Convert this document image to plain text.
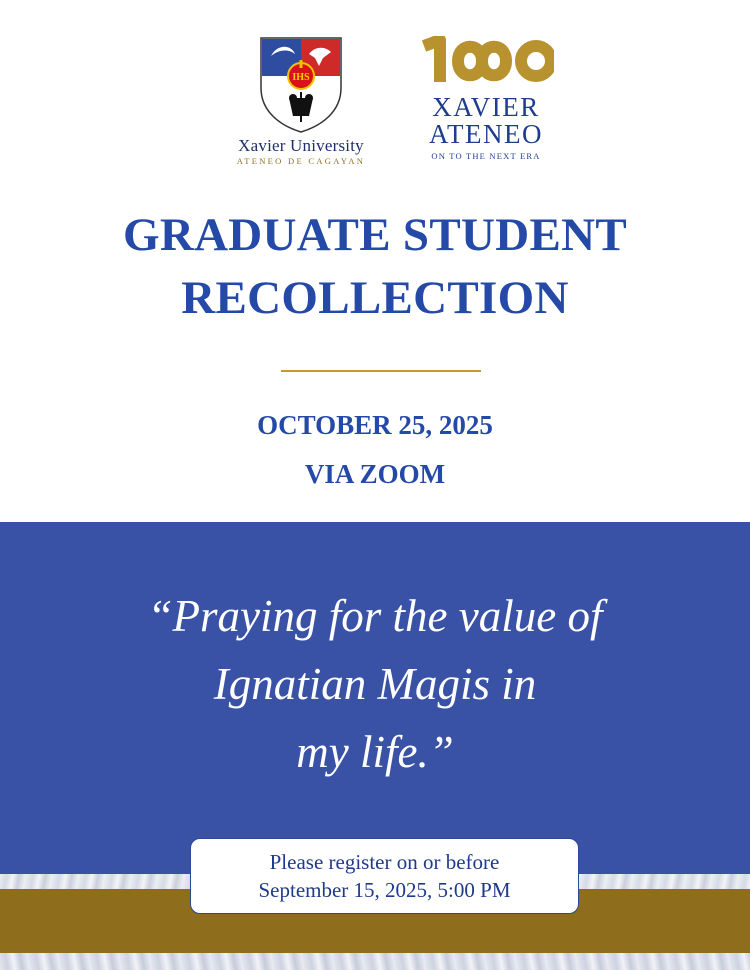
IHS
Xavier University
ATENEO DE CAGAYAN
XAVIER
ATENEO
ON TO THE NEXT ERA
GRADUATE STUDENT
RECOLLECTION
OCTOBER 25, 2025
VIA ZOOM
“Praying for the value of
Ignatian Magis in
my life.”
Please register on or before
September 15, 2025, 5:00 PM
